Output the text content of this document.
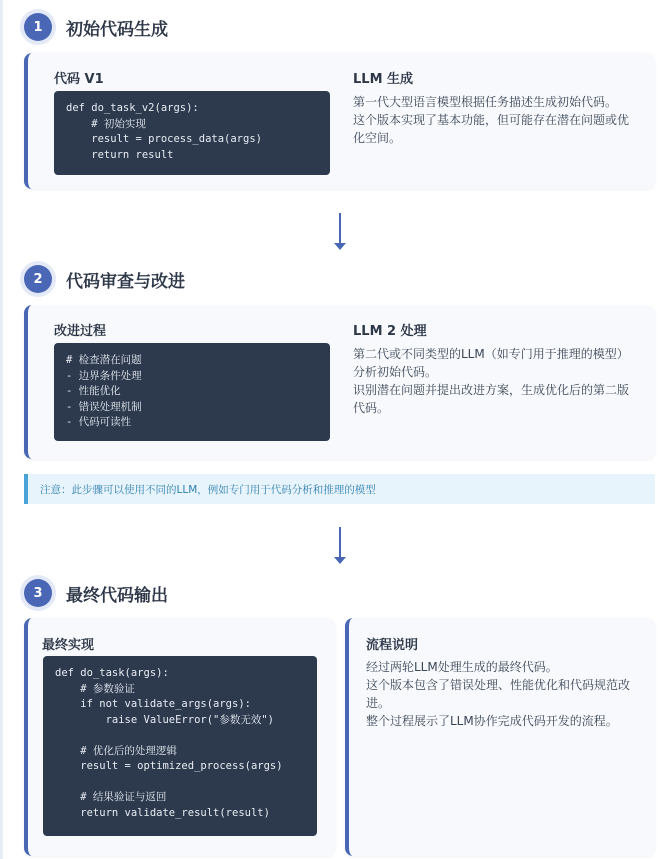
1	初始代码生成
代码 V1
def do_task_v2(args):
# 初始实现
result = process_data(args)
return result
LLM 生成
第一代大型语言模型根据任务描述生成初始代码。
这个版本实现了基本功能，但可能存在潜在问题或优
化空间。
2	代码审查与改进
改进过程
# 检查潜在问题
- 边界条件处理
- 性能优化
- 错误处理机制
- 代码可读性
LLM 2 处理
第二代或不同类型的LLM（如专门用于推理的模型）
分析初始代码。
识别潜在问题并提出改进方案，生成优化后的第二版
代码。
注意：此步骤可以使用不同的LLM，例如专门用于代码分析和推理的模型
3	最终代码输出
最终实现
def do_task(args):
# 参数验证
if not validate_args(args):
raise ValueError("参数无效")

# 优化后的处理逻辑
result = optimized_process(args)

# 结果验证与返回
return validate_result(result)
流程说明
经过两轮LLM处理生成的最终代码。
这个版本包含了错误处理、性能优化和代码规范改
进。
整个过程展示了LLM协作完成代码开发的流程。
